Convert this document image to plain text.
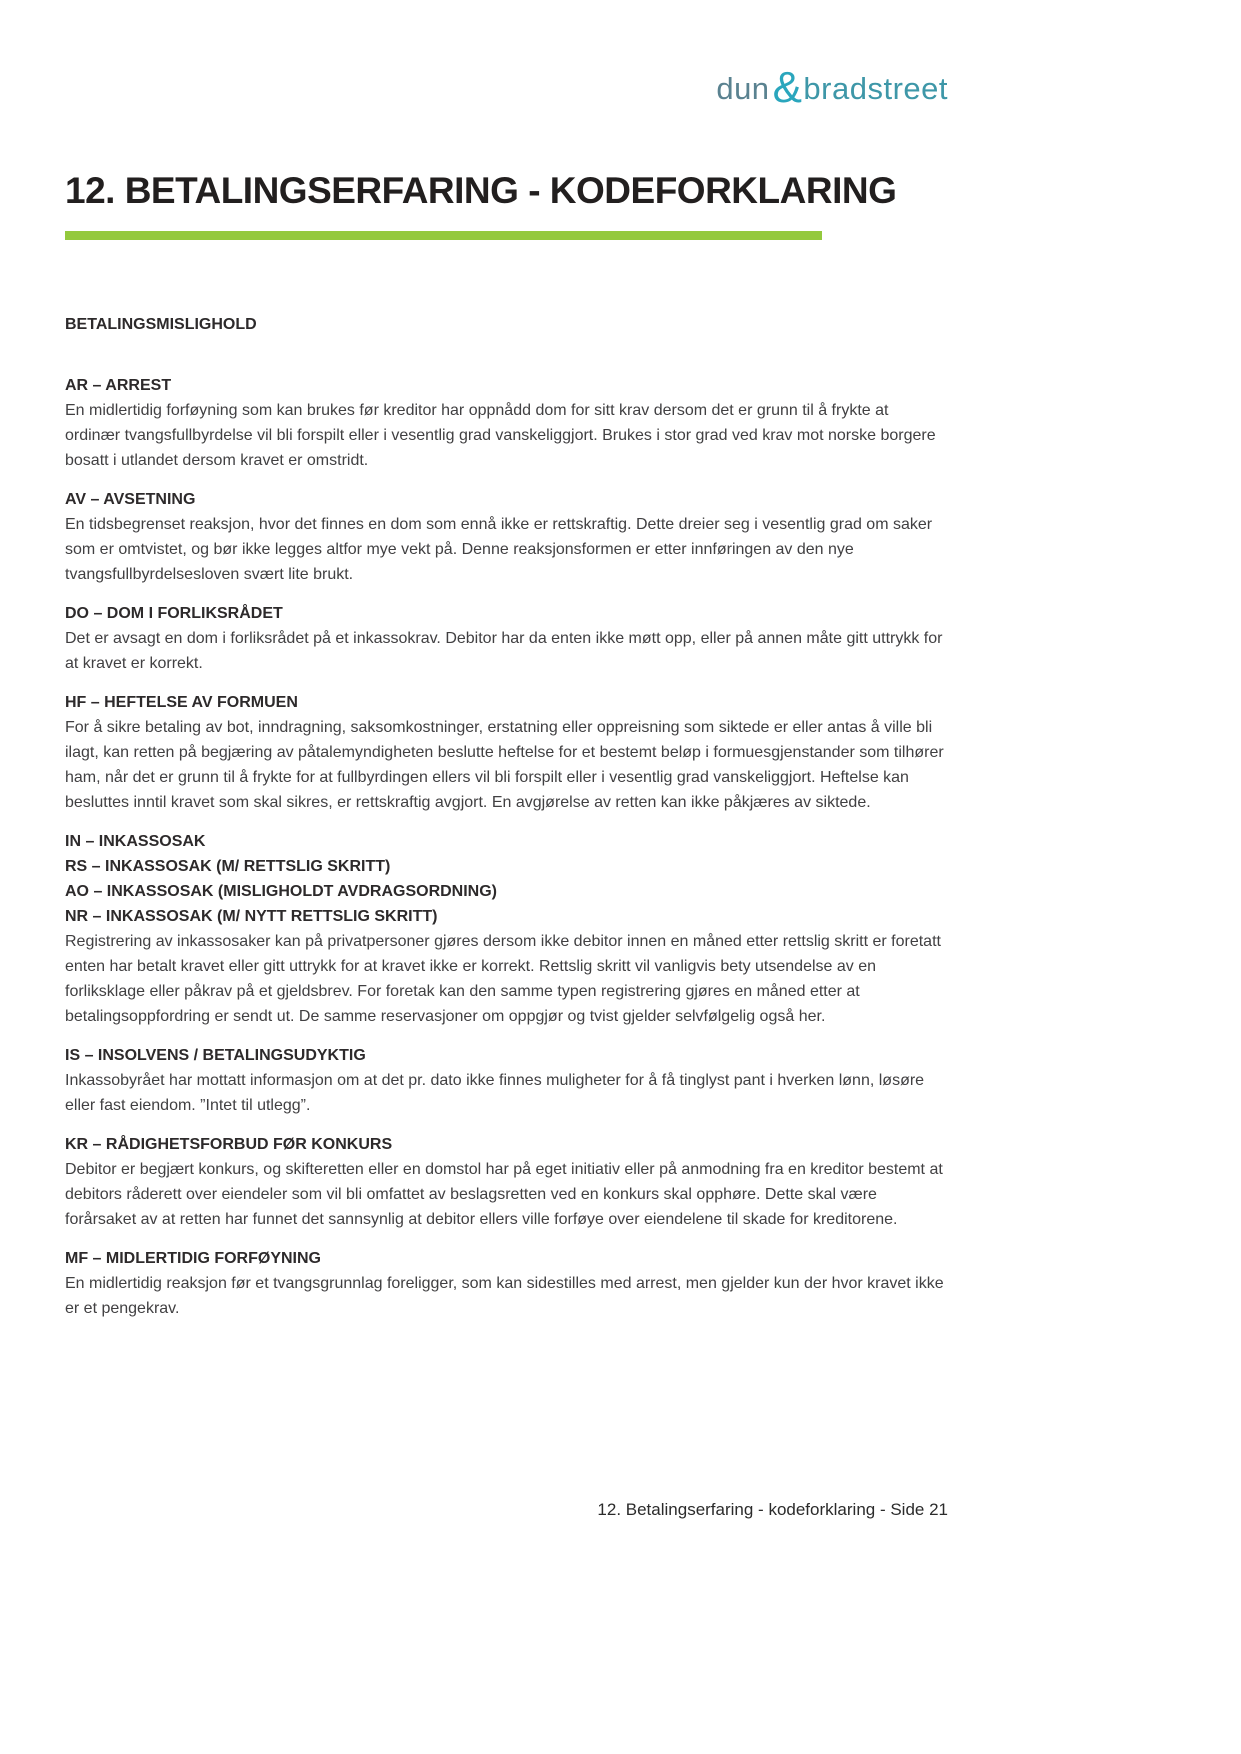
dun & bradstreet
12. BETALINGSERFARING - KODEFORKLARING

BETALINGSMISLIGHOLD

AR – ARREST

En midlertidig forføyning som kan brukes før kreditor har oppnådd dom for sitt krav dersom det er grunn til å frykte at ordinær tvangsfullbyrdelse vil bli forspilt eller i vesentlig grad vanskeliggjort. Brukes i stor grad ved krav mot norske borgere bosatt i utlandet dersom kravet er omstridt.

AV – AVSETNING

En tidsbegrenset reaksjon, hvor det finnes en dom som ennå ikke er rettskraftig. Dette dreier seg i vesentlig grad om saker som er omtvistet, og bør ikke legges altfor mye vekt på. Denne reaksjonsformen er etter innføringen av den nye tvangsfullbyrdelsesloven svært lite brukt.

DO – DOM I FORLIKSRÅDET

Det er avsagt en dom i forliksrådet på et inkassokrav. Debitor har da enten ikke møtt opp, eller på annen måte gitt uttrykk for at kravet er korrekt.

HF – HEFTELSE AV FORMUEN

For å sikre betaling av bot, inndragning, saksomkostninger, erstatning eller oppreisning som siktede er eller antas å ville bli ilagt, kan retten på begjæring av påtalemyndigheten beslutte heftelse for et bestemt beløp i formuesgjenstander som tilhører ham, når det er grunn til å frykte for at fullbyrdingen ellers vil bli forspilt eller i vesentlig grad vanskeliggjort. Heftelse kan besluttes inntil kravet som skal sikres, er rettskraftig avgjort. En avgjørelse av retten kan ikke påkjæres av siktede.

IN – INKASSOSAK

RS – INKASSOSAK (M/ RETTSLIG SKRITT)

AO – INKASSOSAK (MISLIGHOLDT AVDRAGSORDNING)

NR – INKASSOSAK (M/ NYTT RETTSLIG SKRITT)

Registrering av inkassosaker kan på privatpersoner gjøres dersom ikke debitor innen en måned etter rettslig skritt er foretatt enten har betalt kravet eller gitt uttrykk for at kravet ikke er korrekt. Rettslig skritt vil vanligvis bety utsendelse av en forliksklage eller påkrav på et gjeldsbrev. For foretak kan den samme typen registrering gjøres en måned etter at betalingsoppfordring er sendt ut. De samme reservasjoner om oppgjør og tvist gjelder selvfølgelig også her.

IS – INSOLVENS / BETALINGSUDYKTIG

Inkassobyrået har mottatt informasjon om at det pr. dato ikke finnes muligheter for å få tinglyst pant i hverken lønn, løsøre eller fast eiendom. ”Intet til utlegg”.

KR – RÅDIGHETSFORBUD FØR KONKURS

Debitor er begjært konkurs, og skifteretten eller en domstol har på eget initiativ eller på anmodning fra en kreditor bestemt at debitors råderett over eiendeler som vil bli omfattet av beslagsretten ved en konkurs skal opphøre. Dette skal være forårsaket av at retten har funnet det sannsynlig at debitor ellers ville forføye over eiendelene til skade for kreditorene.

MF – MIDLERTIDIG FORFØYNING

En midlertidig reaksjon før et tvangsgrunnlag foreligger, som kan sidestilles med arrest, men gjelder kun der hvor kravet ikke er et pengekrav.

12. Betalingserfaring - kodeforklaring - Side 21
